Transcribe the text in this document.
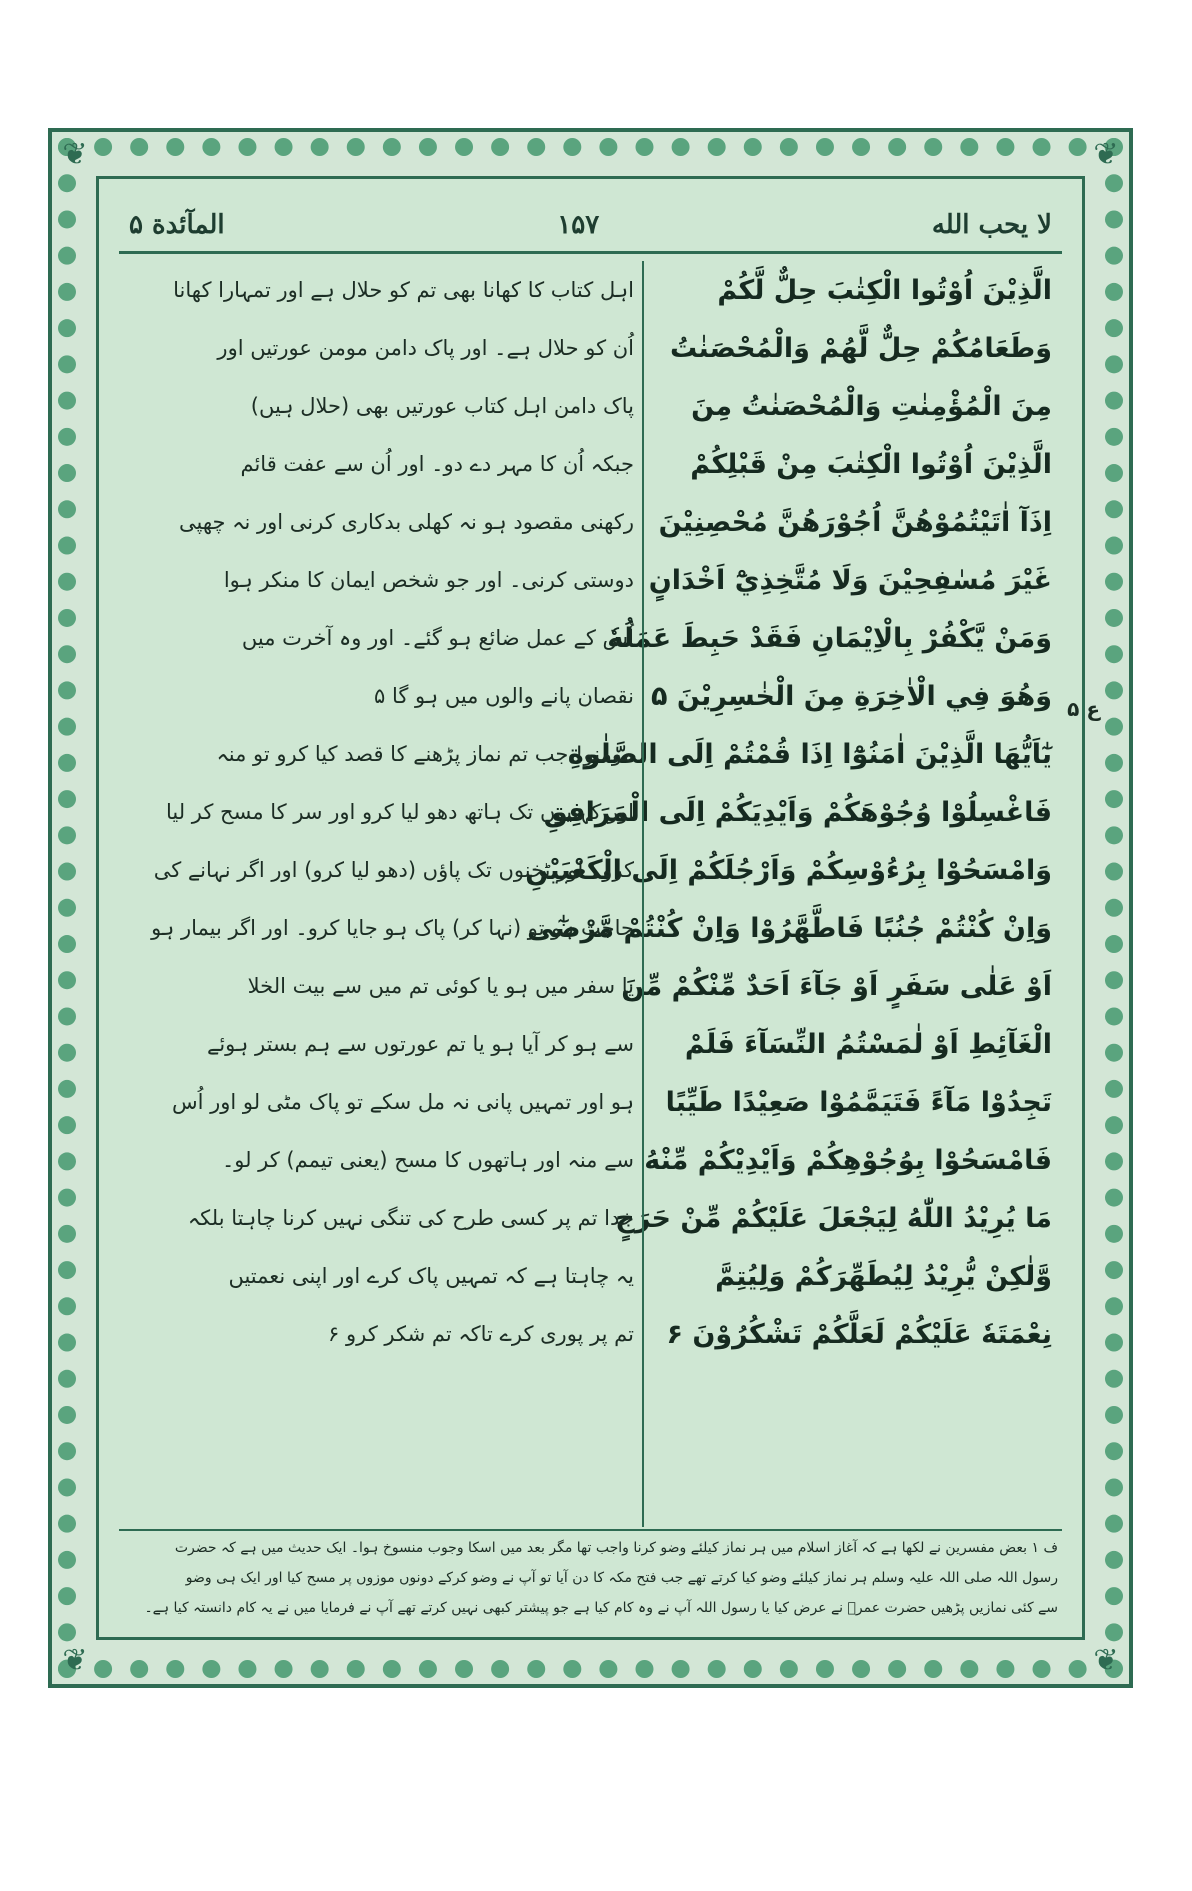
❦	❦
❦	❦
لا يحب الله
۱۵۷
المآئدة ۵
الَّذِيْنَ اُوْتُوا الْكِتٰبَ حِلٌّ لَّكُمْ
وَطَعَامُكُمْ حِلٌّ لَّهُمْ وَالْمُحْصَنٰتُ
مِنَ الْمُؤْمِنٰتِ وَالْمُحْصَنٰتُ مِنَ
الَّذِيْنَ اُوْتُوا الْكِتٰبَ مِنْ قَبْلِكُمْ
اِذَآ اٰتَيْتُمُوْهُنَّ اُجُوْرَهُنَّ مُحْصِنِيْنَ
غَيْرَ مُسٰفِحِيْنَ وَلَا مُتَّخِذِيْٓ اَخْدَانٍ
وَمَنْ يَّكْفُرْ بِالْاِيْمَانِ فَقَدْ حَبِطَ عَمَلُهٗ
وَهُوَ فِي الْاٰخِرَةِ مِنَ الْخٰسِرِيْنَ ۵
يٰٓاَيُّهَا الَّذِيْنَ اٰمَنُوْٓا اِذَا قُمْتُمْ اِلَى الصَّلٰوةِ
فَاغْسِلُوْا وُجُوْهَكُمْ وَاَيْدِيَكُمْ اِلَى الْمَرَافِقِ
وَامْسَحُوْا بِرُءُوْسِكُمْ وَاَرْجُلَكُمْ اِلَى الْكَعْبَيْنِ
وَاِنْ كُنْتُمْ جُنُبًا فَاطَّهَّرُوْا وَاِنْ كُنْتُمْ مَّرْضٰٓى
اَوْ عَلٰى سَفَرٍ اَوْ جَآءَ اَحَدٌ مِّنْكُمْ مِّنَ
الْغَآئِطِ اَوْ لٰمَسْتُمُ النِّسَآءَ فَلَمْ
تَجِدُوْا مَآءً فَتَيَمَّمُوْا صَعِيْدًا طَيِّبًا
فَامْسَحُوْا بِوُجُوْهِكُمْ وَاَيْدِيْكُمْ مِّنْهُ
مَا يُرِيْدُ اللّٰهُ لِيَجْعَلَ عَلَيْكُمْ مِّنْ حَرَجٍ
وَّلٰكِنْ يُّرِيْدُ لِيُطَهِّرَكُمْ وَلِيُتِمَّ
نِعْمَتَهٗ عَلَيْكُمْ لَعَلَّكُمْ تَشْكُرُوْنَ ۶
اہل کتاب کا کھانا بھی تم کو حلال ہے اور تمہارا کھانا
اُن کو حلال ہے۔ اور پاک دامن مومن عورتیں اور
پاک دامن اہل کتاب عورتیں بھی (حلال ہیں)
جبکہ اُن کا مہر دے دو۔ اور اُن سے عفت قائم
رکھنی مقصود ہو نہ کھلی بدکاری کرنی اور نہ چھپی
دوستی کرنی۔ اور جو شخص ایمان کا منکر ہوا
اُس کے عمل ضائع ہو گئے۔ اور وہ آخرت میں
نقصان پانے والوں میں ہو گا ۵
مومنو! جب تم نماز پڑھنے کا قصد کیا کرو تو منہ
اور کہنیوں تک ہاتھ دھو لیا کرو اور سر کا مسح کر لیا
کرو۔ اور ٹخنوں تک پاؤں (دھو لیا کرو) اور اگر نہانے کی
حاجت ہو تو (نہا کر) پاک ہو جایا کرو۔ اور اگر بیمار ہو
یا سفر میں ہو یا کوئی تم میں سے بیت الخلا
سے ہو کر آیا ہو یا تم عورتوں سے ہم بستر ہوئے
ہو اور تمہیں پانی نہ مل سکے تو پاک مٹی لو اور اُس
سے منہ اور ہاتھوں کا مسح (یعنی تیمم) کر لو۔
خدا تم پر کسی طرح کی تنگی نہیں کرنا چاہتا بلکہ
یہ چاہتا ہے کہ تمہیں پاک کرے اور اپنی نعمتیں
تم پر پوری کرے تاکہ تم شکر کرو ۶
ع ۵
ف ۱ بعض مفسرین نے لکھا ہے کہ آغاز اسلام میں ہر نماز کیلئے وضو کرنا واجب تھا مگر بعد میں اسکا وجوب منسوخ ہوا۔ ایک حدیث میں ہے کہ حضرت
رسول اللہ صلی اللہ علیہ وسلم ہر نماز کیلئے وضو کیا کرتے تھے جب فتح مکہ کا دن آیا تو آپ نے وضو کرکے دونوں موزوں پر مسح کیا اور ایک ہی وضو
سے کئی نمازیں پڑھیں حضرت عمرؓ نے عرض کیا یا رسول اللہ آپ نے وہ کام کیا ہے جو پیشتر کبھی نہیں کرتے تھے آپ نے فرمایا میں نے یہ کام دانستہ کیا ہے۔
